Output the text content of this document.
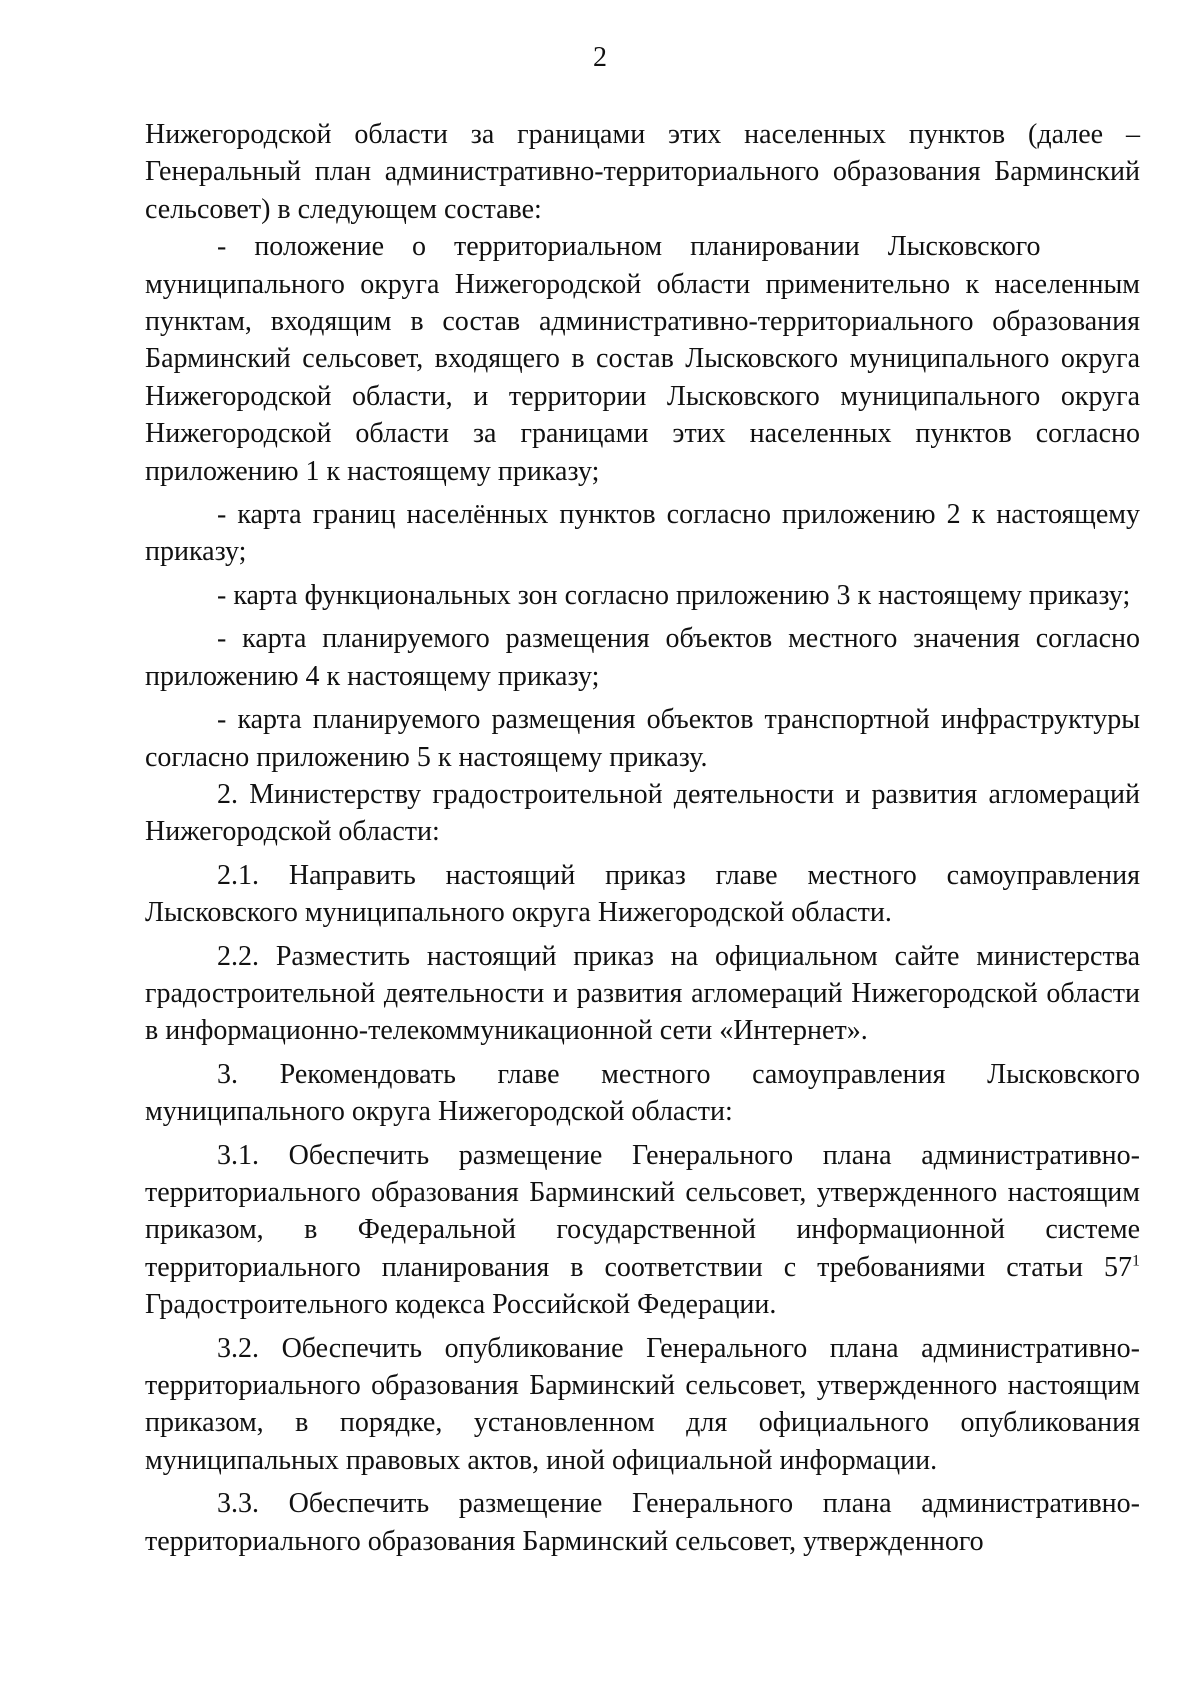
2

Нижегородской области за границами этих населенных пунктов (далее – Генеральный план административно-территориального образования Барминский сельсовет) в следующем составе:

- положение о территориальном планировании Лысковского муниципального округа Нижегородской области применительно к населенным пунктам, входящим в состав административно-территориального образования Барминский сельсовет, входящего в состав Лысковского муниципального округа Нижегородской области, и территории Лысковского муниципального округа Нижегородской области за границами этих населенных пунктов согласно приложению 1 к настоящему приказу;

- карта границ населённых пунктов согласно приложению 2 к настоящему приказу;

- карта функциональных зон согласно приложению 3 к настоящему приказу;

- карта планируемого размещения объектов местного значения согласно приложению 4 к настоящему приказу;

- карта планируемого размещения объектов транспортной инфраструктуры согласно приложению 5 к настоящему приказу.

2. Министерству градостроительной деятельности и развития агломераций Нижегородской области:

2.1. Направить настоящий приказ главе местного самоуправления Лысковского муниципального округа Нижегородской области.

2.2. Разместить настоящий приказ на официальном сайте министерства градостроительной деятельности и развития агломераций Нижегородской области в информационно-телекоммуникационной сети «Интернет».

3. Рекомендовать главе местного самоуправления Лысковского муниципального округа Нижегородской области:

3.1. Обеспечить размещение Генерального плана административно-территориального образования Барминский сельсовет, утвержденного настоящим приказом, в Федеральной государственной информационной системе территориального планирования в соответствии с требованиями статьи $57^1$ Градостроительного кодекса Российской Федерации.

3.2. Обеспечить опубликование Генерального плана административно-территориального образования Барминский сельсовет, утвержденного настоящим приказом, в порядке, установленном для официального опубликования муниципальных правовых актов, иной официальной информации.

3.3. Обеспечить размещение Генерального плана административно-территориального образования Барминский сельсовет, утвержденного
